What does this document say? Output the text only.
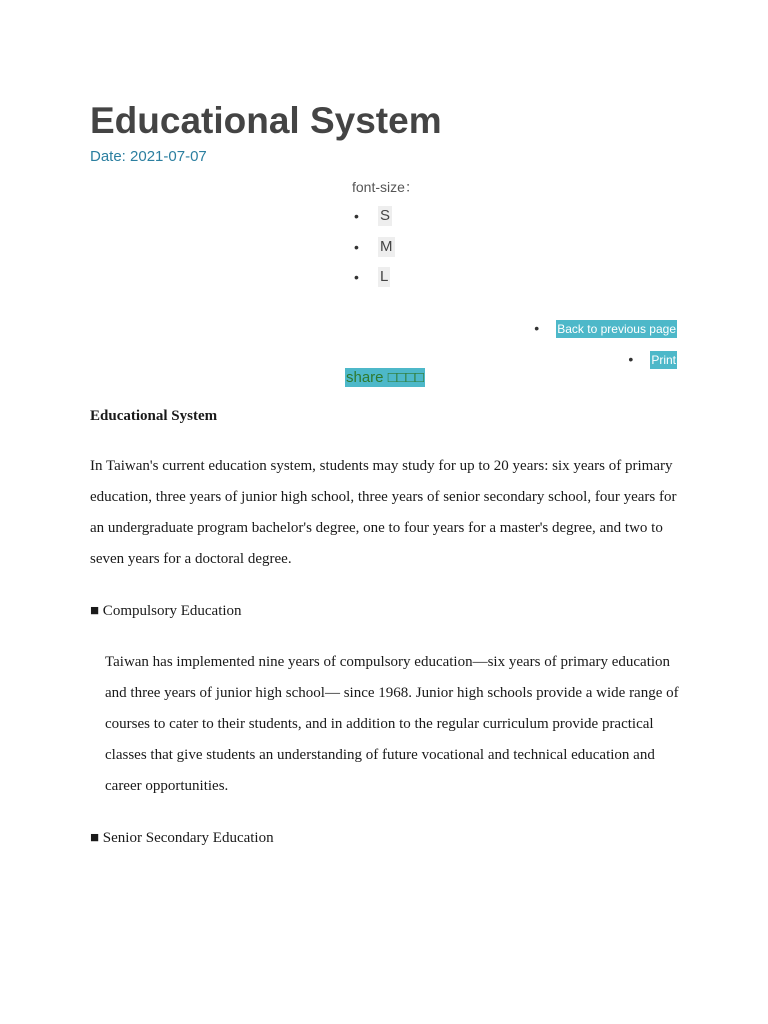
Educational System
Date: 2021-07-07
font-size：
• S
• M
• L
• Back to previous page
• Print
share □□□□

Educational System

In Taiwan's current education system, students may study for up to 20 years: six years of primary education, three years of junior high school, three years of senior secondary school, four years for an undergraduate program bachelor's degree, one to four years for a master's degree, and two to seven years for a doctoral degree.

■ Compulsory Education

Taiwan has implemented nine years of compulsory education—six years of primary education and three years of junior high school— since 1968. Junior high schools provide a wide range of courses to cater to their students, and in addition to the regular curriculum provide practical classes that give students an understanding of future vocational and technical education and career opportunities.

■ Senior Secondary Education
